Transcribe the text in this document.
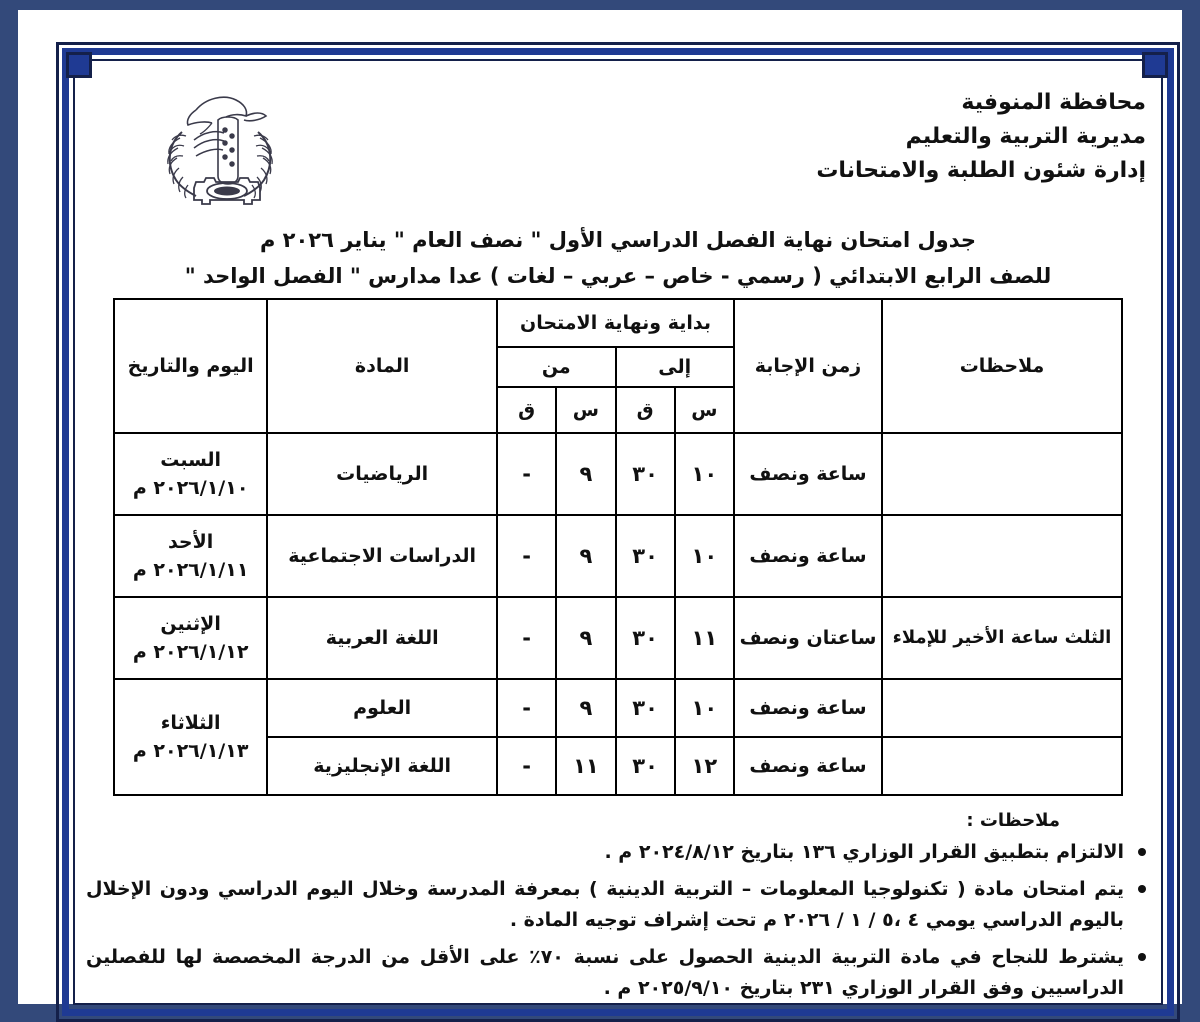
محافظة المنوفية
مديرية التربية والتعليم
إدارة شئون الطلبة والامتحانات
جدول امتحان نهاية الفصل الدراسي الأول " نصف العام " يناير ٢٠٢٦ م
للصف الرابع الابتدائي ( رسمي - خاص – عربي – لغات ) عدا مدارس " الفصل الواحد "
ملاحظات	زمن الإجابة	بداية ونهاية الامتحان				المادة	اليوم والتاريخ
		إلى		من			
		س	ق	س	ق		
	ساعة ونصف	١٠	٣٠	٩	-	الرياضيات	السبت
٢٠٢٦/١/١٠ م

	ساعة ونصف	١٠	٣٠	٩	-	الدراسات الاجتماعية	الأحد
٢٠٢٦/١/١١ م

الثلث ساعة الأخير للإملاء	ساعتان ونصف	١١	٣٠	٩	-	اللغة العربية	الإثنين
٢٠٢٦/١/١٢ م

	ساعة ونصف	١٠	٣٠	٩	-	العلوم	الثلاثاء
٢٠٢٦/١/١٣ م

	ساعة ونصف	١٢	٣٠	١١	-	اللغة الإنجليزية	
ملاحظات :
الالتزام بتطبيق القرار الوزاري ١٣٦ بتاريخ ٢٠٢٤/٨/١٢ م .
يتم امتحان مادة ( تكنولوجيا المعلومات – التربية الدينية ) بمعرفة المدرسة وخلال اليوم الدراسي ودون الإخلال باليوم الدراسي يومي ٤ ،٥ / ١ / ٢٠٢٦ م تحت إشراف توجيه المادة .
يشترط للنجاح في مادة التربية الدينية الحصول على نسبة ٧٠٪ على الأقل من الدرجة المخصصة لها للفصلين الدراسيين وفق القرار الوزاري ٢٣١ بتاريخ ٢٠٢٥/٩/١٠ م .
